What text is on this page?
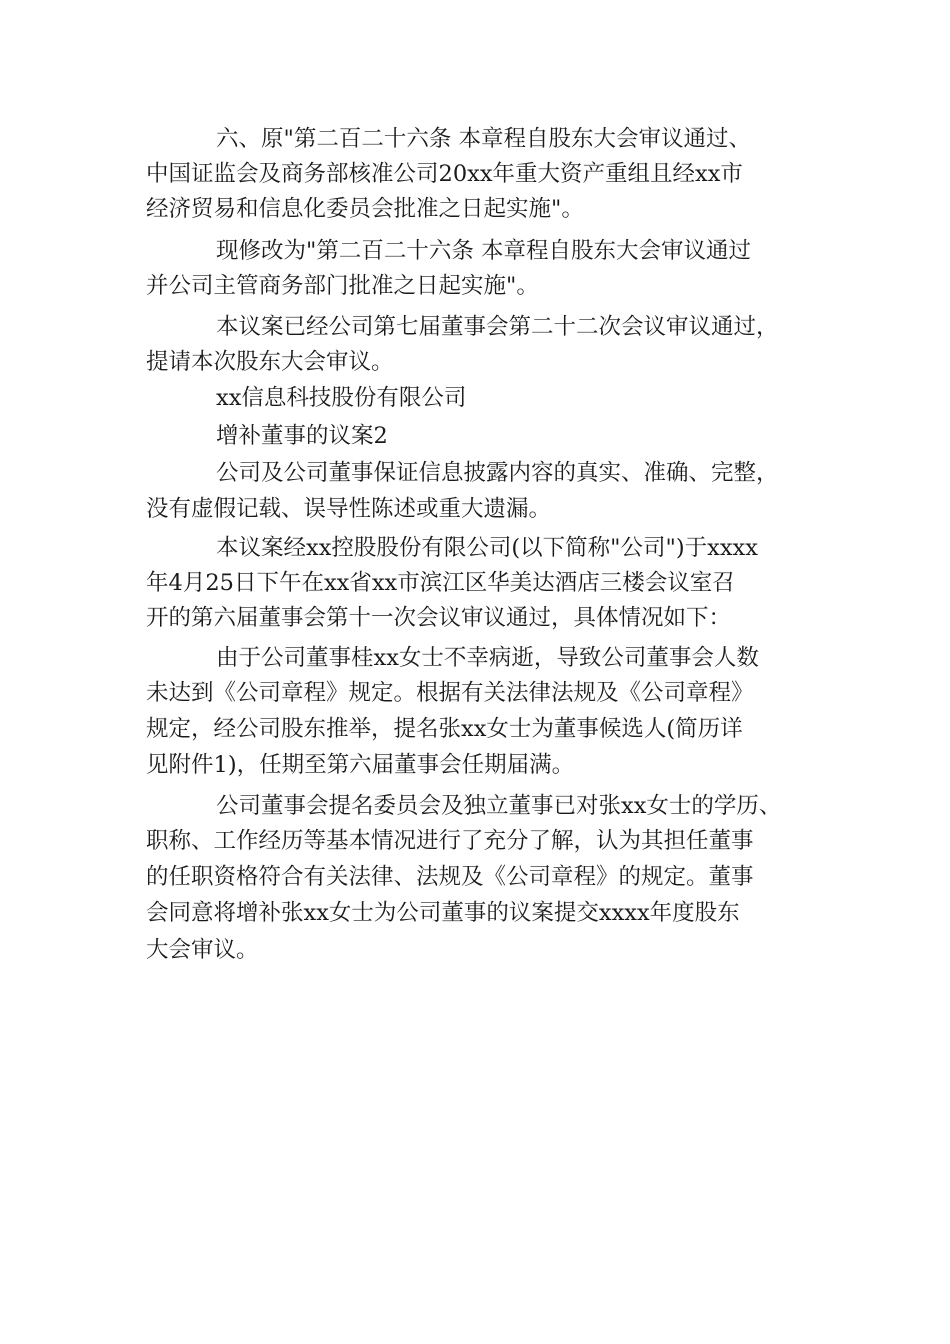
六、原"第二百二十六条 本章程自股东大会审议通过、

中国证监会及商务部核准公司20xx年重大资产重组且经xx市

经济贸易和信息化委员会批准之日起实施"。

现修改为"第二百二十六条 本章程自股东大会审议通过

并公司主管商务部门批准之日起实施"。

本议案已经公司第七届董事会第二十二次会议审议通过，

提请本次股东大会审议。

xx信息科技股份有限公司

增补董事的议案2

公司及公司董事保证信息披露内容的真实、准确、完整，

没有虚假记载、误导性陈述或重大遗漏。

本议案经xx控股股份有限公司(以下简称"公司")于xxxx

年4月25日下午在xx省xx市滨江区华美达酒店三楼会议室召

开的第六届董事会第十一次会议审议通过，具体情况如下：

由于公司董事桂xx女士不幸病逝，导致公司董事会人数

未达到《公司章程》规定。根据有关法律法规及《公司章程》

规定，经公司股东推举，提名张xx女士为董事候选人(简历详

见附件1)，任期至第六届董事会任期届满。

公司董事会提名委员会及独立董事已对张xx女士的学历、

职称、工作经历等基本情况进行了充分了解，认为其担任董事

的任职资格符合有关法律、法规及《公司章程》的规定。董事

会同意将增补张xx女士为公司董事的议案提交xxxx年度股东

大会审议。
